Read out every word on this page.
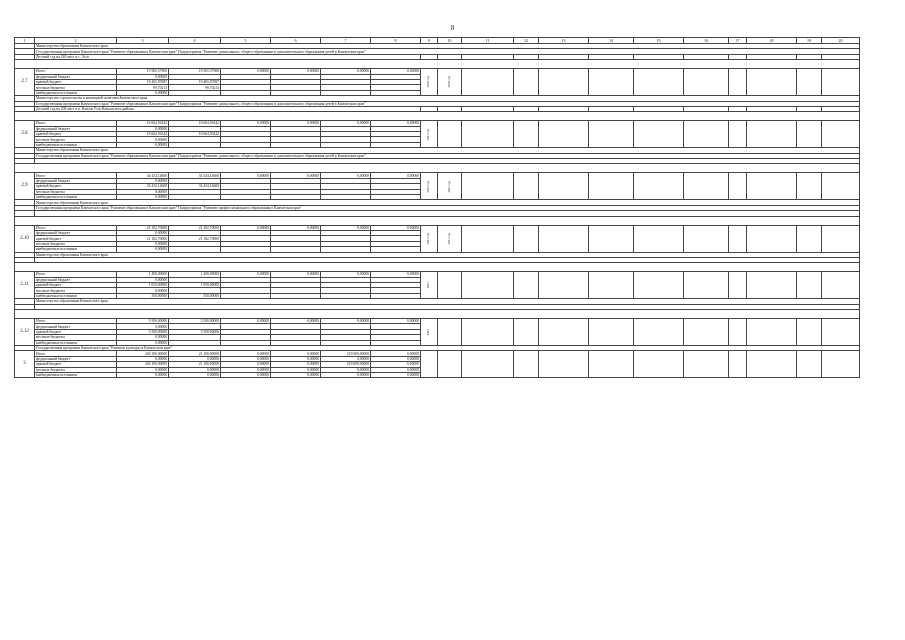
8
1	2	3	4	5	6	7	8	9	10	11	12	13	14	15	16	17	18	19	20	
	Министерство образования Камчатского края																			
	Государственная программа Камчатского края "Развитие образования в Камчатском крае" Подпрограмма "Развитие дошкольного, общего образования и дополнительного образования детей в Камчатском крае"																			
	Детский сад на 240 мест в с. Эссо																			

2.7	Итого	19 565,57900	19 565,57900	0,00000	0,00000	0,00000	0,00000	2019 год	2019 год											

	федеральный бюджет	0,00000																		
	краевой бюджет	19 465,87687	19 465,87687																	
	местные бюджеты	99,70213	99,70213																	
	внебюджетные источники	0,00000																		
	Министерство строительства и жилищной политики Камчатского края																			
	Государственная программа Камчатского края "Развитие образования в Камчатском крае" Подпрограмма "Развитие дошкольного, общего образования и дополнительного образования детей в Камчатском крае"																			
	Детский сад на 200 мест в п. Ключи Усть-Камчатского района																			

2.8	Итого	16 664,56342	16 664,56342	0,00000	0,00000	0,00000	0,00000	2021 год												

	федеральный бюджет	0,00000																		
	краевой бюджет	16 664,56342	16 664,56342																	
	местные бюджеты	0,00000																		
	внебюджетные источники	0,00000																		
	Министерство образования Камчатского края																			
	Государственная программа Камчатского края "Развитие образования в Камчатском крае" Подпрограмма "Развитие дошкольного, общего образования и дополнительного образования детей в Камчатском крае"																			

2.9	Итого	34 434,14600	34 434,14600	0,00000	0,00000	0,00000	0,00000	2021 год	2021 год											

	федеральный бюджет	0,00000																		
	краевой бюджет	34 434,14600	34 434,14600																	
	местные бюджеты	0,00000																		
	внебюджетные источники	0,00000																		
	Министерство образования Камчатского края																			
	Государственная программа Камчатского края "Развитие образования в Камчатском крае" Подпрограмма "Развитие профессионального образования в Камчатском крае"																			

2.10	Итого	21 182,70000	21 182,70000	0,00000	0,00000	0,00000	0,00000	2021 год	2021 год											

	федеральный бюджет	0,00000																		
	краевой бюджет	21 182,70000	21 182,70000																	
	местные бюджеты	0,00000																		
	внебюджетные источники	0,00000																		
	Министерство образования Камчатского края																			

2.11	Итого	1 400,00000	1 400,00000	0,00000	0,00000	0,00000	0,00000	2021												

	федеральный бюджет	0,00000																		
	краевой бюджет	1 050,00000	1 050,00000																	
	местные бюджеты	0,00000																		
	внебюджетные источники	350,00000	350,00000																	
	Министерство образования Камчатского края																			

2.12	Итого	5 500,00000	5 500,00000	0,00000	0,00000	0,00000	0,00000	2021												

	федеральный бюджет	0,00000																		
	краевой бюджет	5 500,00000	5 500,00000																	
	местные бюджеты	0,00000																		
	внебюджетные источники	0,00000																		
	Государственная программа Камчатского края "Развитие культуры в Камчатском крае"																			
3	Итого	240 100,00000	21 100,00000	0,00000	0,00000	219 000,00000	0,00000													
	федеральный бюджет	0,00000	0,00000	0,00000	0,00000	0,00000	0,00000													
	краевой бюджет	240 100,00000	21 100,00000	0,00000	0,00000	219 000,00000	0,00000													
	местные бюджеты	0,00000	0,00000	0,00000	0,00000	0,00000	0,00000													
	внебюджетные источники	0,00000	0,00000	0,00000	0,00000	0,00000	0,00000													
